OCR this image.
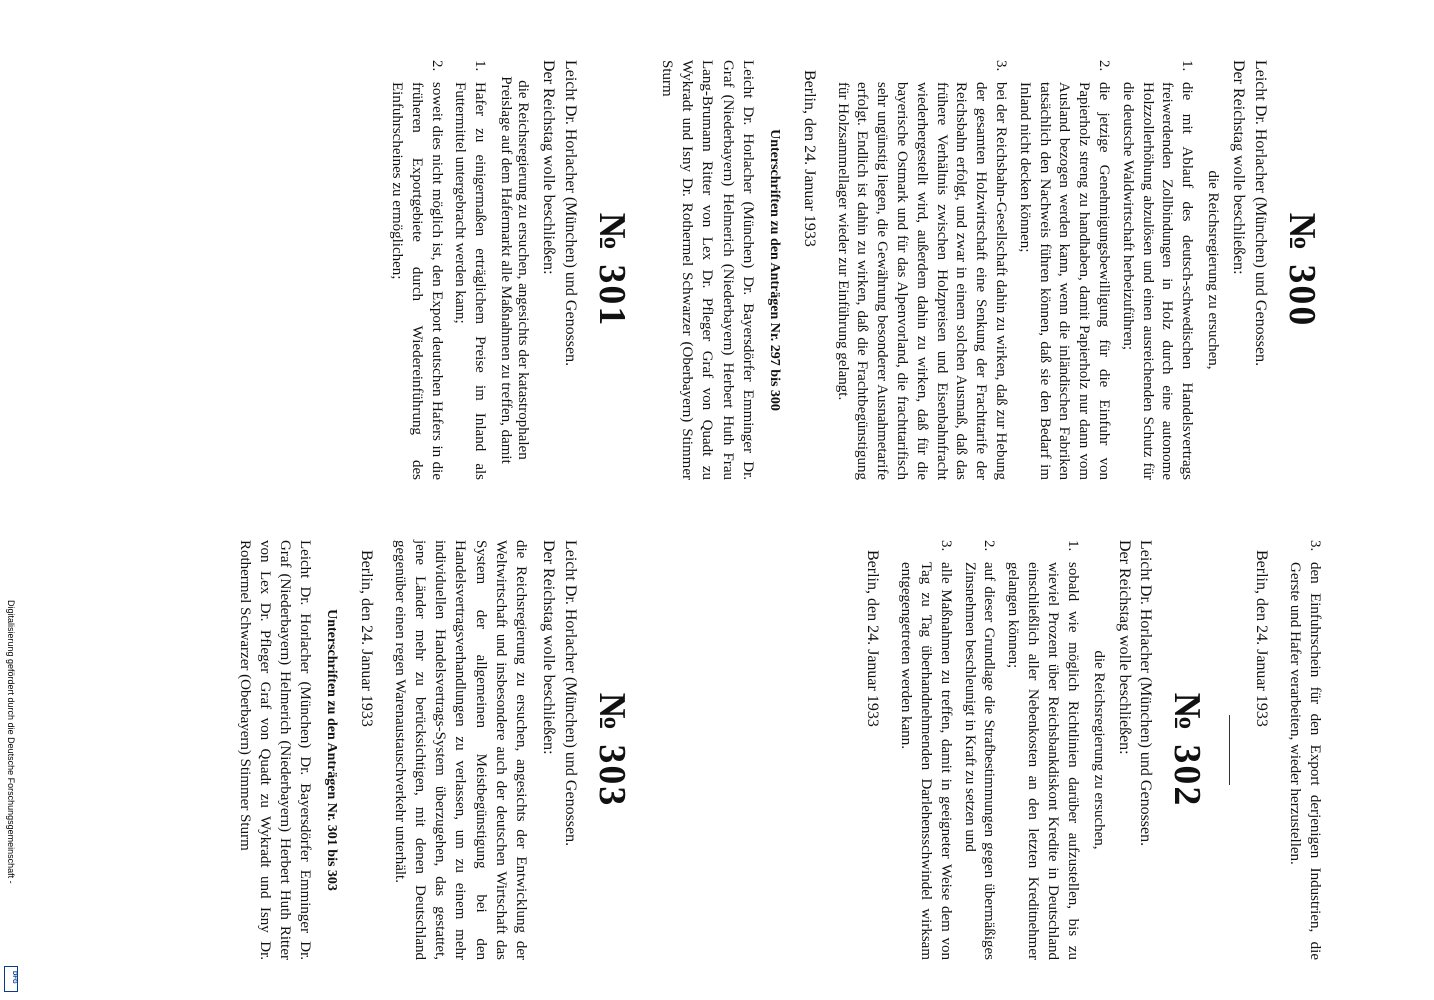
№ 300
Leicht Dr. Horlacher (München) und Genossen.
Der Reichstag wolle beschließen:
die Reichsregierung zu ersuchen,
1.
die mit Ablauf des deutsch-schwedischen Handelsvertrags freiwerdenden Zollbindungen in Holz durch eine autonome Holzzollerhöhung abzulösen und einen ausreichenden Schutz für die deutsche Waldwirtschaft herbeizuführen;
2.
die jetzige Genehmigungsbewilligung für die Einfuhr von Papierholz streng zu handhaben, damit Papierholz nur dann vom Ausland bezogen werden kann, wenn die inländischen Fabriken tatsächlich den Nachweis führen können, daß sie den Bedarf im Inland nicht decken können;
3.
bei der Reichsbahn-Gesellschaft dahin zu wirken, daß zur Hebung der gesamten Holzwirtschaft eine Senkung der Frachttarife der Reichsbahn erfolgt, und zwar in einem solchen Ausmaß, daß das frühere Verhältnis zwischen Holzpreisen und Eisenbahnfracht wiederhergestellt wird, außerdem dahin zu wirken, daß für die bayerische Ostmark und für das Alpenvorland, die frachttarifisch sehr ungünstig liegen, die Gewährung besonderer Ausnahmetarife erfolgt. Endlich ist dahin zu wirken, daß die Frachtbegünstigung für Holzsammellager wieder zur Einführung gelangt.
Berlin, den 24. Januar 1933
Unterschriften zu den Anträgen Nr. 297 bis 300
Leicht Dr. Horlacher (München) Dr. Bayersdörfer Emminger Dr. Graf (Niederbayern) Helmerich (Niederbayern) Herbert Huth Frau Lang-Brumann Ritter von Lex Dr. Pfleger Graf von Quadt zu Wykradt und Isny Dr. Rothermel Schwarzer (Oberbayern) Stimmer Sturm
3.
den Einfuhrschein für den Export derjenigen Industrien, die Gerste und Hafer verarbeiten, wieder herzustellen.
Berlin, den 24. Januar 1933
№ 302
Leicht Dr. Horlacher (München) und Genossen.
Der Reichstag wolle beschließen:
die Reichsregierung zu ersuchen,
1.
sobald wie möglich Richtlinien darüber aufzustellen, bis zu wieviel Prozent über Reichsbankdiskont Kredite in Deutschland einschließlich aller Nebenkosten an den letzten Kreditnehmer gelangen können;
2.
auf dieser Grundlage die Strafbestimmungen gegen übermäßiges Zinsnehmen beschleunigt in Kraft zu setzen und
3.
alle Maßnahmen zu treffen, damit in geeigneter Weise dem von Tag zu Tag überhandnehmenden Darlehensschwindel wirksam entgegengetreten werden kann.
Berlin, den 24. Januar 1933
№ 301
Leicht Dr. Horlacher (München) und Genossen.
Der Reichstag wolle beschließen:
die Reichsregierung zu ersuchen, angesichts der katastrophalen Preislage auf dem Hafermarkt alle Maßnahmen zu treffen, damit
1.
Hafer zu einigermaßen erträglichem Preise im Inland als Futtermittel untergebracht werden kann;
2.
soweit dies nicht möglich ist, den Export deutschen Hafers in die früheren Exportgebiete durch Wiedereinführung des Einfuhrscheines zu ermöglichen;
№ 303
Leicht Dr. Horlacher (München) und Genossen.
Der Reichstag wolle beschließen:
die Reichsregierung zu ersuchen, angesichts der Entwicklung der Weltwirtschaft und insbesondere auch der deutschen Wirtschaft das System der allgemeinen Meistbegünstigung bei den Handelsvertragsverhandlungen zu verlassen, um zu einem mehr individuellen Handelsvertrags-System überzugehen, das gestattet, jene Länder mehr zu berücksichtigen, mit denen Deutschland gegenüber einen regen Warenaustauschverkehr unterhält.
Berlin, den 24. Januar 1933
Unterschriften zu den Anträgen Nr. 301 bis 303
Leicht Dr. Horlacher (München) Dr. Bayersdörfer Emminger Dr. Graf (Niederbayern) Helmerich (Niederbayern) Herbert Huth Ritter von Lex Dr. Pfleger Graf von Quadt zu Wykradt und Isny Dr. Rothermel Schwarzer (Oberbayern) Stimmer Sturm
Digitalisierung gefördert durch die Deutsche Forschungsgemeinschaft -
DFG
